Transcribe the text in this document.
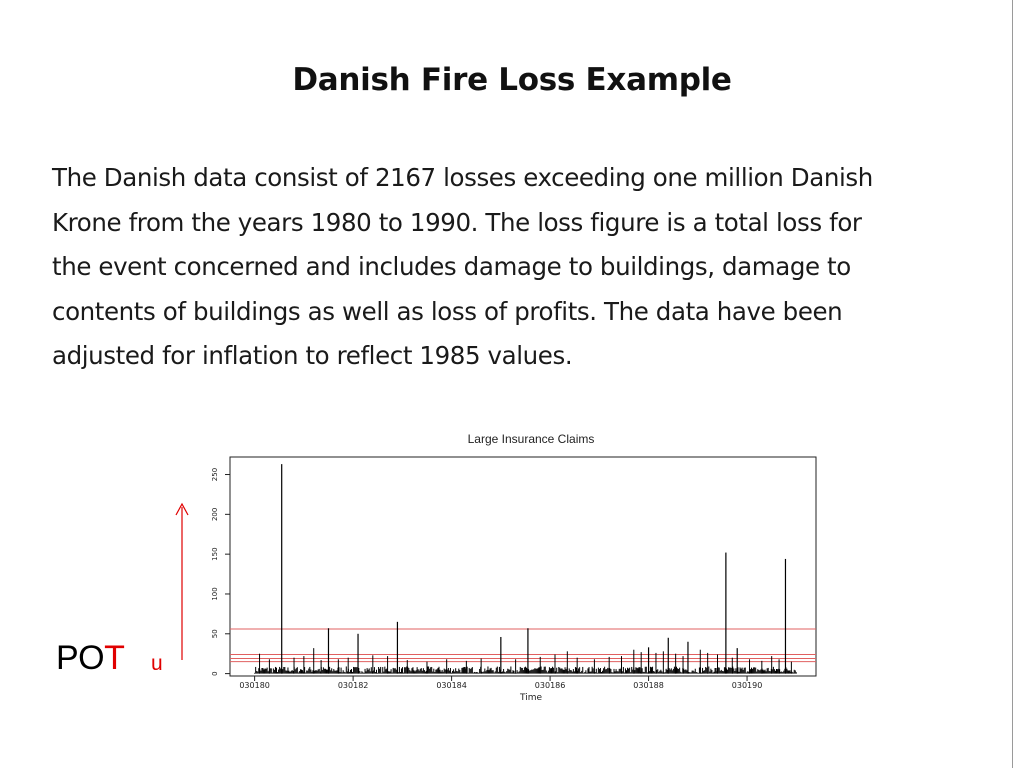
Danish Fire Loss Example
The Danish data consist of 2167 losses exceeding one million Danish
Krone from the years 1980 to 1990. The loss figure is a total loss for
the event concerned and includes damage to buildings, damage to
contents of buildings as well as loss of profits. The data have been
adjusted for inflation to reflect 1985 values.
Large Insurance Claims
0
50
100
150
200
250
030180	030182	030184	030186	030188	030190
Time
POT u
